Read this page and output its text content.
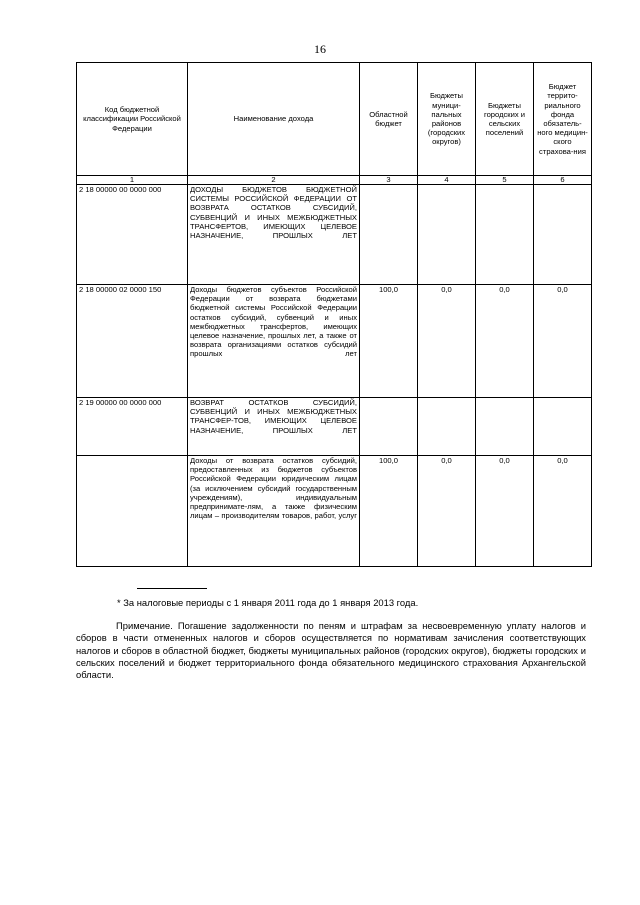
16
Код бюджетной классификации Российской Федерации	Наименование дохода	Областной бюджет	Бюджеты муници-пальных районов (городских округов)	Бюджеты городских и сельских поселений	Бюджет террито-риального фонда обязатель-ного медицин-ского страхова-ния
1	2	3	4	5	6
2 18 00000 00 0000 000	ДОХОДЫ БЮДЖЕТОВ БЮДЖЕТНОЙ СИСТЕМЫ РОССИЙСКОЙ ФЕДЕРАЦИИ ОТ ВОЗВРАТА ОСТАТКОВ СУБСИДИЙ, СУБВЕНЦИЙ И ИНЫХ МЕЖБЮДЖЕТНЫХ ТРАНСФЕРТОВ, ИМЕЮЩИХ ЦЕЛЕВОЕ НАЗНАЧЕНИЕ, ПРОШЛЫХ ЛЕТ				
2 18 00000 02 0000 150	Доходы бюджетов субъектов Российской Федерации от возврата бюджетами бюджетной системы Российской Федерации остатков субсидий, субвенций и иных межбюджетных трансфертов, имеющих целевое назначение, прошлых лет, а также от возврата организациями остатков субсидий прошлых лет	100,0	0,0	0,0	0,0
2 19 00000 00 0000 000	ВОЗВРАТ ОСТАТКОВ СУБСИДИЙ, СУБВЕНЦИЙ И ИНЫХ МЕЖБЮДЖЕТНЫХ ТРАНСФЕР-ТОВ, ИМЕЮЩИХ ЦЕЛЕВОЕ НАЗНАЧЕНИЕ, ПРОШЛЫХ ЛЕТ				
	Доходы от возврата остатков субсидий, предоставленных из бюджетов субъектов Российской Федерации юридическим лицам (за исключением субсидий государственным учреждениям), индивидуальным предпринимате-лям, а также физическим лицам – производителям товаров, работ, услуг	100,0	0,0	0,0	0,0
* За налоговые периоды с 1 января 2011 года до 1 января 2013 года.
Примечание. Погашение задолженности по пеням и штрафам за несвоевременную уплату налогов и сборов в части отмененных налогов и сборов осуществляется по нормативам зачисления соответствующих налогов и сборов в областной бюджет, бюджеты муниципальных районов (городских округов), бюджеты городских и сельских поселений и бюджет территориального фонда обязательного медицинского страхования Архангельской области.
